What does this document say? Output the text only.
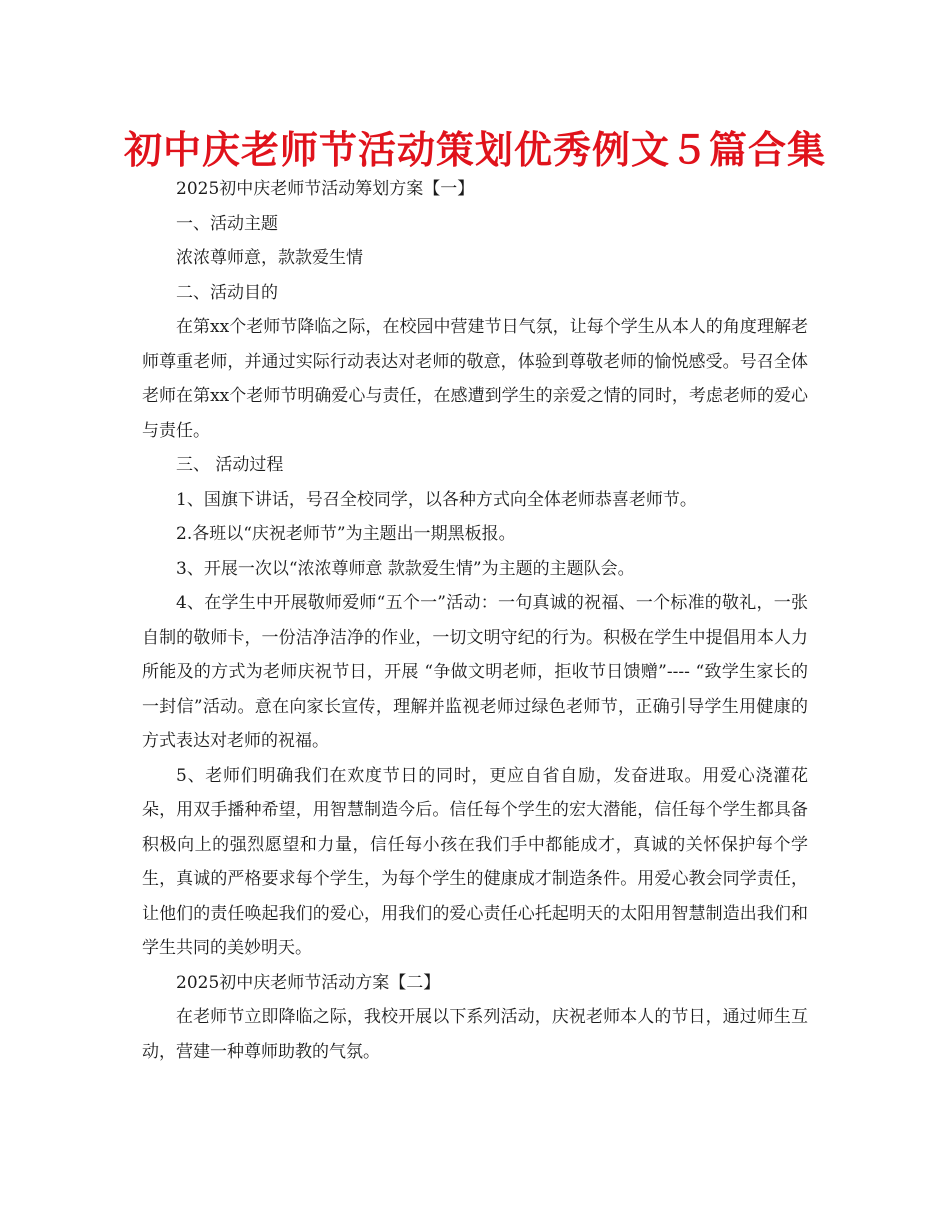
初中庆老师节活动策划优秀例文５篇合集

2025初中庆老师节活动筹划方案【一】

一、活动主题

浓浓尊师意，款款爱生情

二、活动目的

在第xx个老师节降临之际，在校园中营建节日气氛，让每个学生从本人的角度理解老师尊重老师，并通过实际行动表达对老师的敬意，体验到尊敬老师的愉悦感受。号召全体老师在第xx个老师节明确爱心与责任，在感遭到学生的亲爱之情的同时，考虑老师的爱心与责任。

三、 活动过程

1、国旗下讲话，号召全校同学，以各种方式向全体老师恭喜老师节。

2.各班以“庆祝老师节”为主题出一期黑板报。

3、开展一次以“浓浓尊师意 款款爱生情”为主题的主题队会。

4、在学生中开展敬师爱师“五个一”活动：一句真诚的祝福、一个标准的敬礼，一张自制的敬师卡，一份洁净洁净的作业，一切文明守纪的行为。积极在学生中提倡用本人力所能及的方式为老师庆祝节日，开展 “争做文明老师，拒收节日馈赠”---- “致学生家长的一封信”活动。意在向家长宣传，理解并监视老师过绿色老师节，正确引导学生用健康的方式表达对老师的祝福。

5、老师们明确我们在欢度节日的同时，更应自省自励，发奋进取。用爱心浇灌花朵，用双手播种希望，用智慧制造今后。信任每个学生的宏大潜能，信任每个学生都具备积极向上的强烈愿望和力量，信任每小孩在我们手中都能成才，真诚的关怀保护每个学生，真诚的严格要求每个学生，为每个学生的健康成才制造条件。用爱心教会同学责任，让他们的责任唤起我们的爱心，用我们的爱心责任心托起明天的太阳用智慧制造出我们和学生共同的美妙明天。

2025初中庆老师节活动方案【二】

在老师节立即降临之际，我校开展以下系列活动，庆祝老师本人的节日，通过师生互动，营建一种尊师助教的气氛。
